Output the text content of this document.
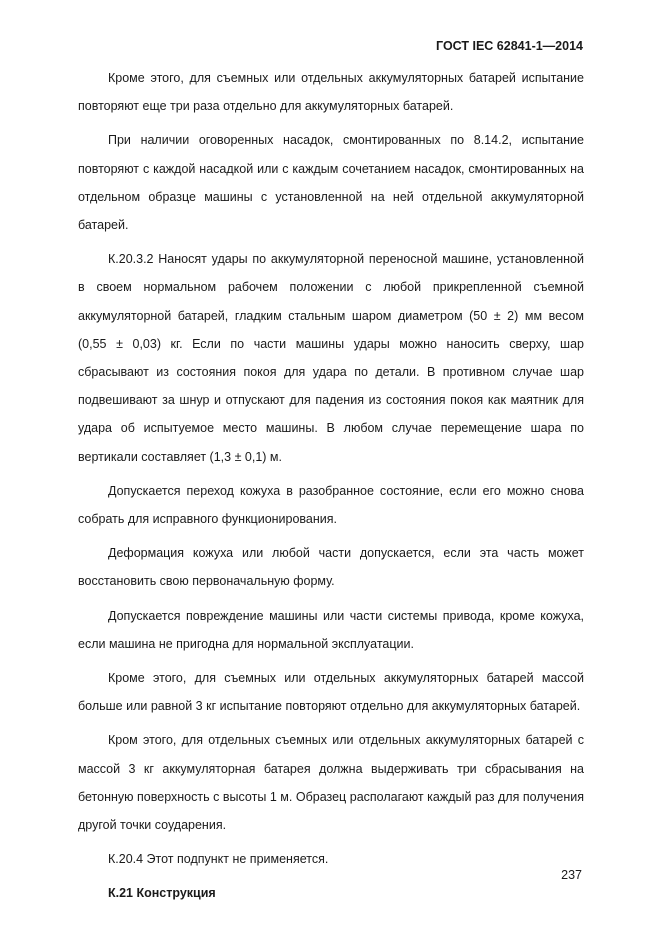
ГОСТ IEC 62841-1—2014

Кроме этого, для съемных или отдельных аккумуляторных батарей испытание повторяют еще три раза отдельно для аккумуляторных батарей.

При наличии оговоренных насадок, смонтированных по 8.14.2, испытание повторяют с каждой насадкой или с каждым сочетанием насадок, смонтированных на отдельном образце машины с установленной на ней отдельной аккумуляторной батарей.

К.20.3.2 Наносят удары по аккумуляторной переносной машине, установленной в своем нормальном рабочем положении с любой прикрепленной съемной аккумуляторной батарей, гладким стальным шаром диаметром (50 ± 2) мм весом (0,55 ± 0,03) кг. Если по части машины удары можно наносить сверху, шар сбрасывают из состояния покоя для удара по детали. В противном случае шар подвешивают за шнур и отпускают для падения из состояния покоя как маятник для удара об испытуемое место машины. В любом случае перемещение шара по вертикали составляет (1,3 ± 0,1) м.

Допускается переход кожуха в разобранное состояние, если его можно снова собрать для исправного функционирования.

Деформация кожуха или любой части допускается, если эта часть может восстановить свою первоначальную форму.

Допускается повреждение машины или части системы привода, кроме кожуха, если машина не пригодна для нормальной эксплуатации.

Кроме этого, для съемных или отдельных аккумуляторных батарей массой больше или равной 3 кг испытание повторяют отдельно для аккумуляторных батарей.

Кром этого, для отдельных съемных или отдельных аккумуляторных батарей с массой 3 кг аккумуляторная батарея должна выдерживать три сбрасывания на бетонную поверхность с высоты 1 м. Образец располагают каждый раз для получения другой точки соударения.

К.20.4 Этот подпункт не применяется.

К.21 Конструкция

237
